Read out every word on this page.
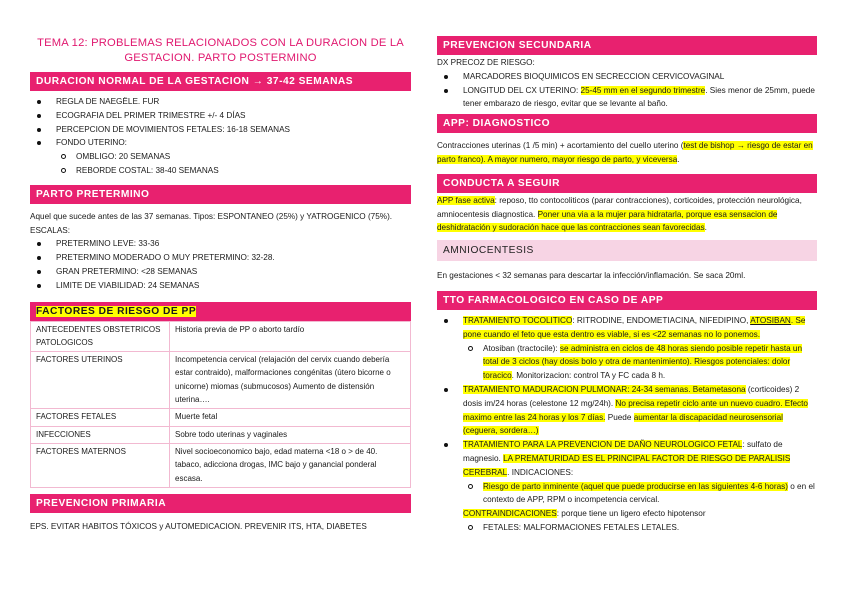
TEMA 12: PROBLEMAS RELACIONADOS CON LA DURACION DE LA GESTACION. PARTO POSTERMINO
DURACION NORMAL DE LA GESTACION → 37-42 SEMANAS
REGLA DE NAEGËLE. FUR
ECOGRAFIA DEL PRIMER TRIMESTRE +/- 4 DÍAS
PERCEPCION DE MOVIMIENTOS FETALES: 16-18 SEMANAS
FONDO UTERINO:
OMBLIGO: 20 SEMANAS
REBORDE COSTAL: 38-40 SEMANAS
PARTO PRETERMINO
Aquel que sucede antes de las 37 semanas. Tipos: ESPONTANEO (25%) y YATROGENICO (75%). ESCALAS:
PRETERMINO LEVE: 33-36
PRETERMINO MODERADO O MUY PRETERMINO: 32-28.
GRAN PRETERMINO: <28 SEMANAS
LIMITE DE VIABILIDAD: 24 SEMANAS
FACTORES DE RIESGO DE PP
ANTECEDENTES OBSTETRICOS PATOLOGICOS	Historia previa de PP o aborto tardío
FACTORES UTERINOS	Incompetencia cervical (relajación del cervix cuando debería estar contraido), malformaciones congénitas (útero bicorne o unicorne) miomas (submucosos) Aumento de distensión uterina….
FACTORES FETALES	Muerte fetal
INFECCIONES	Sobre todo uterinas y vaginales
FACTORES MATERNOS	Nivel socioeconomico bajo, edad materna <18 o > de 40. tabaco, adicciona drogas, IMC bajo y ganancial ponderal escasa.
PREVENCION PRIMARIA
EPS. EVITAR HABITOS TÓXICOS y AUTOMEDICACION. PREVENIR ITS, HTA, DIABETES
PREVENCION SECUNDARIA
DX PRECOZ DE RIESGO:
MARCADORES BIOQUIMICOS EN SECRECCION CERVICOVAGINAL
LONGITUD DEL CX UTERINO: 25-45 mm en el segundo trimestre. Sies menor de 25mm, puede tener embarazo de riesgo, evitar que se levante al baño.
APP: DIAGNOSTICO
Contracciones uterinas (1 /5 min) + acortamiento del cuello uterino (test de bishop → riesgo de estar en parto franco). A mayor numero, mayor riesgo de parto, y viceversa.
CONDUCTA A SEGUIR
APP fase activa: reposo, tto contocoliticos (parar contracciones), corticoides, protección neurológica, amniocentesis diagnostica. Poner una via a la mujer para hidratarla, porque esa sensacion de deshidratación y sudoración hace que las contracciones sean favorecidas.
AMNIOCENTESIS
En gestaciones < 32 semanas para descartar la infección/inflamación. Se saca 20ml.
TTO FARMACOLOGICO EN CASO DE APP
TRATAMIENTO TOCOLITICO: RITRODINE, ENDOMETIACINA, NIFEDIPINO, ATOSIBAN. Se pone cuando el feto que esta dentro es viable, si es <22 semanas no lo ponemos.
Atosiban (tractocile): se administra en ciclos de 48 horas siendo posible repetir hasta un total de 3 ciclos (hay dosis bolo y otra de mantenimiento). Riesgos potenciales: dolor toracico. Monitorizacion: control TA y FC cada 8 h.
TRATAMIENTO MADURACION PULMONAR: 24-34 semanas. Betametasona (corticoides) 2 dosis im/24 horas (celestone 12 mg/24h). No precisa repetir ciclo ante un nuevo cuadro. Efecto maximo entre las 24 horas y los 7 días. Puede aumentar la discapacidad neurosensorial (ceguera, sordera…)
TRATAMIENTO PARA LA PREVENCION DE DAÑO NEUROLOGICO FETAL: sulfato de magnesio. LA PREMATURIDAD ES EL PRINCIPAL FACTOR DE RIESGO DE PARALISIS CEREBRAL. INDICACIONES:
Riesgo de parto inminente (aquel que puede producirse en las siguientes 4-6 horas) o en el contexto de APP, RPM o incompetencia cervical.
CONTRAINDICACIONES: porque tiene un ligero efecto hipotensor
FETALES: MALFORMACIONES FETALES LETALES.
